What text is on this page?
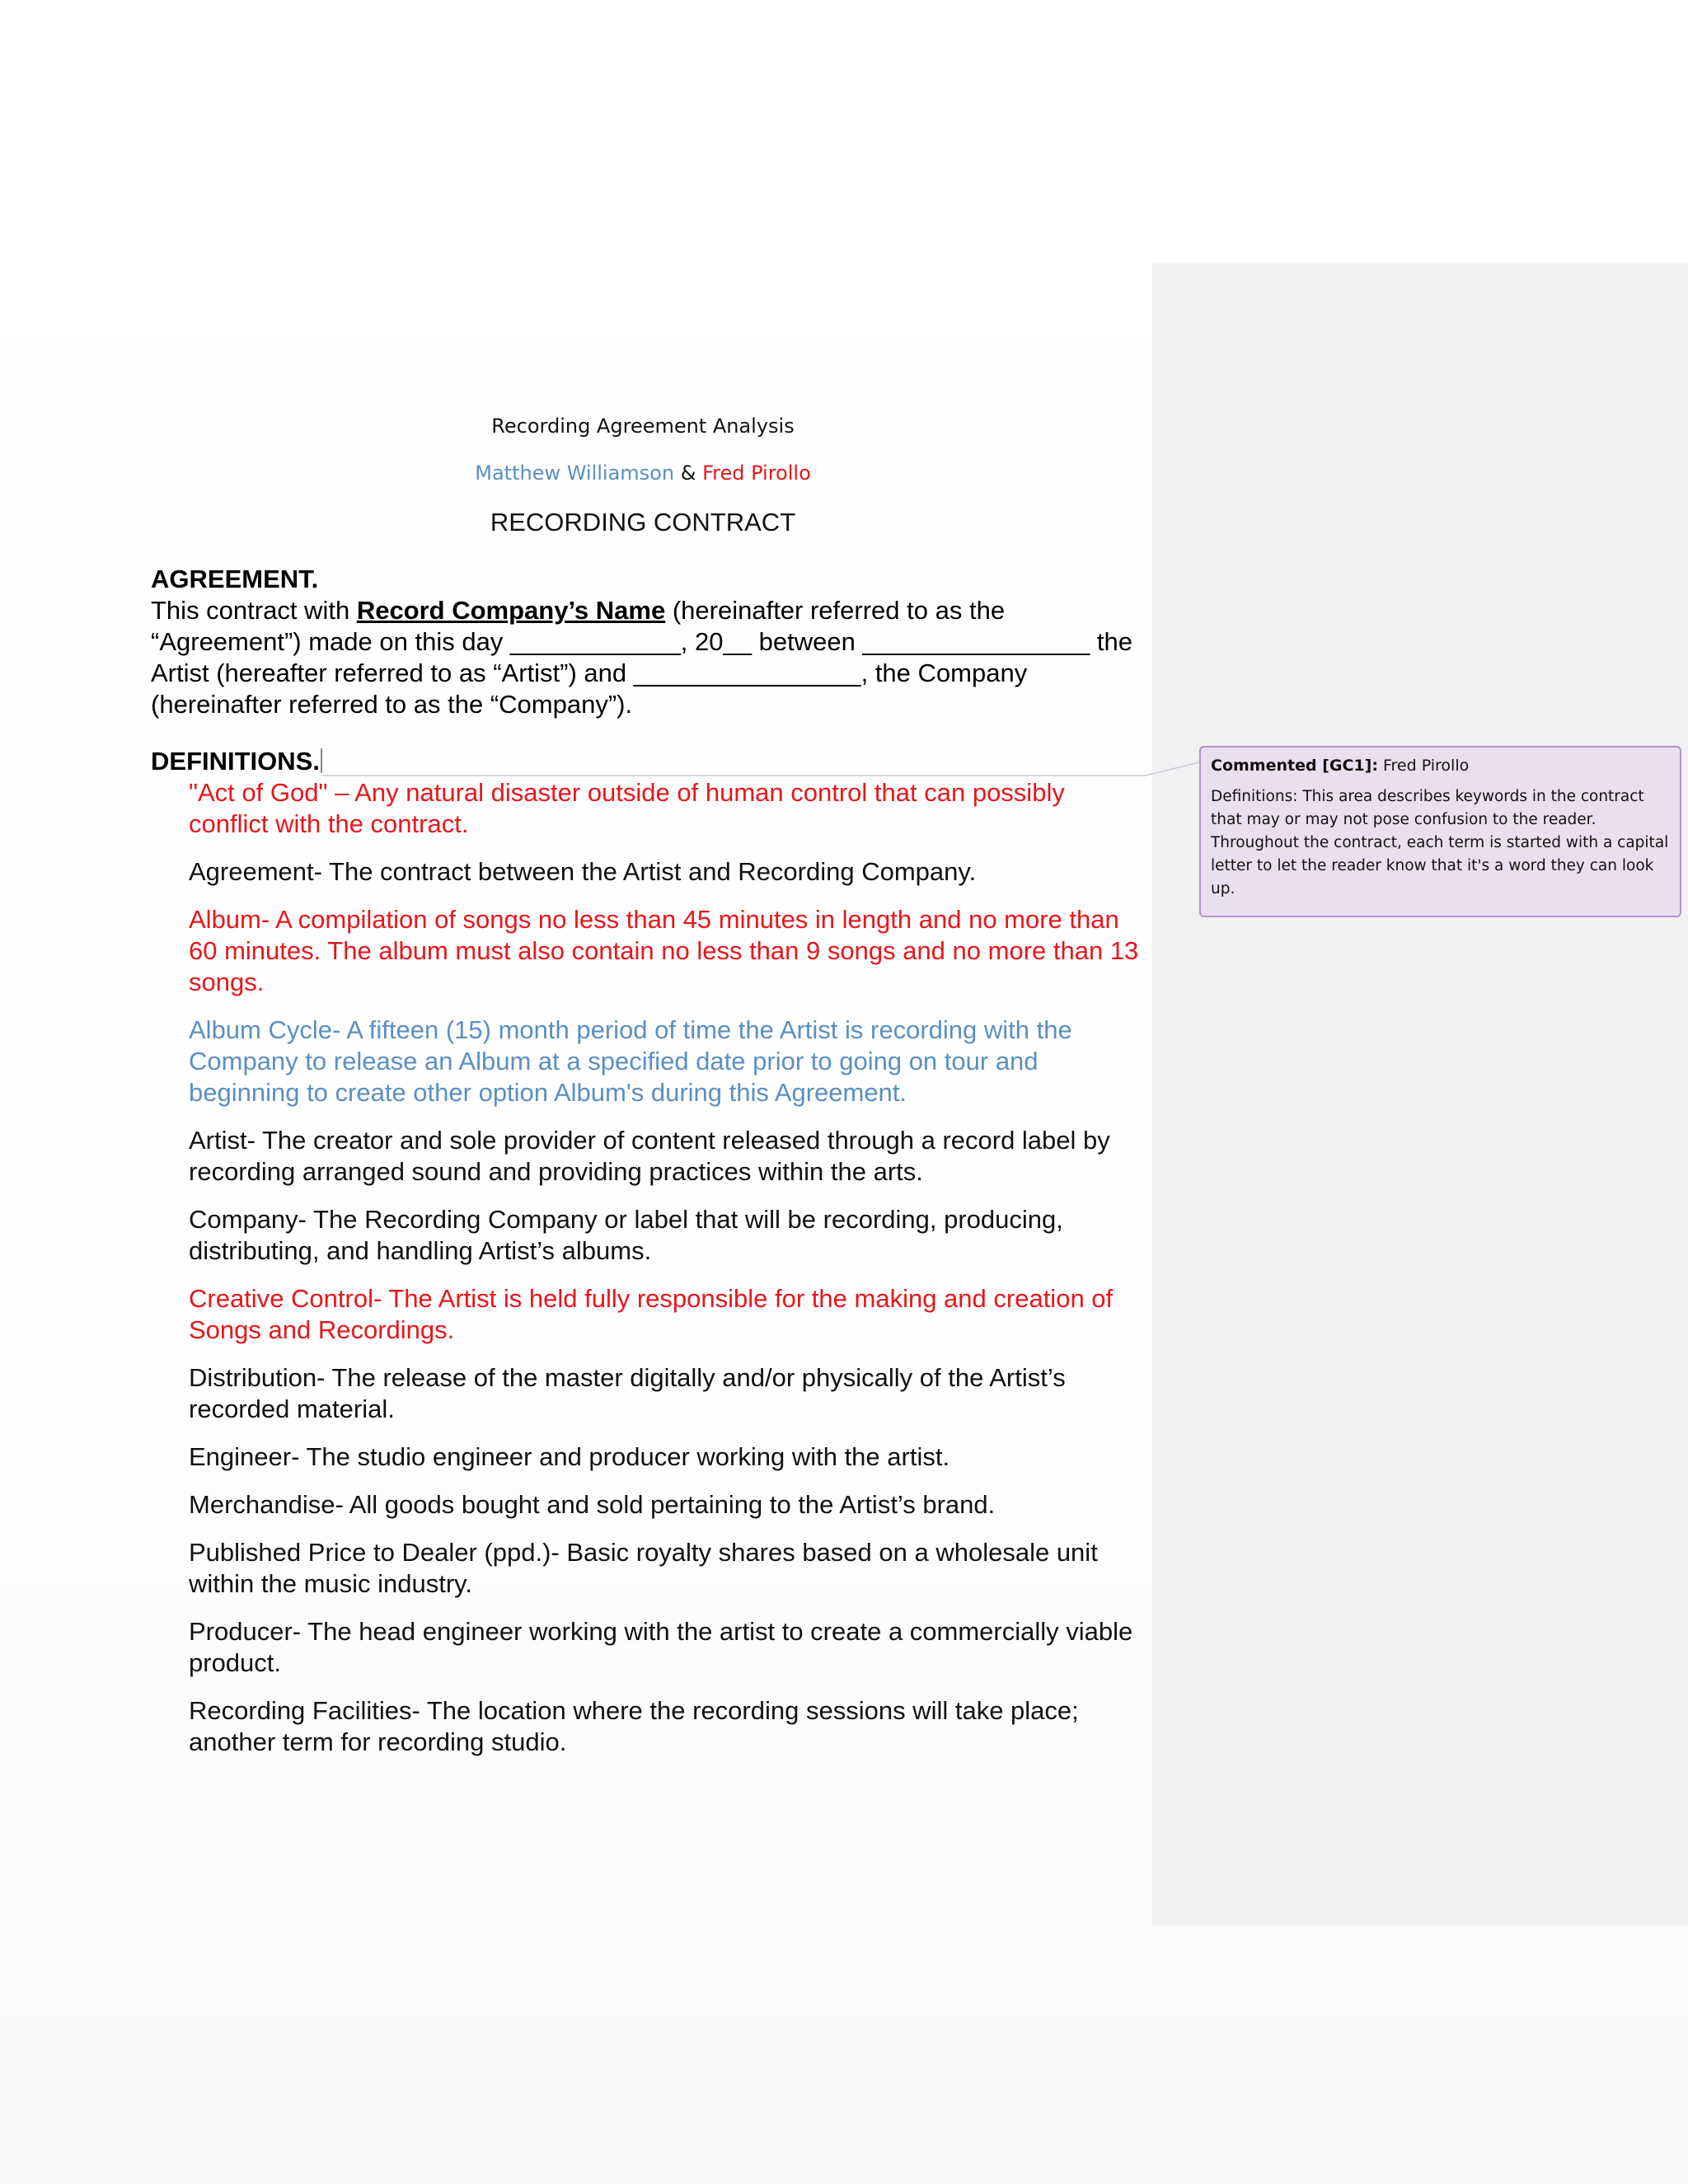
Recording Agreement Analysis
Matthew Williamson & Fred Pirollo
RECORDING CONTRACT
AGREEMENT.
This contract with Record Company’s Name (hereinafter referred to as the
“Agreement”) made on this day ____________, 20__ between ________________ the
Artist (hereafter referred to as “Artist”) and ________________, the Company
(hereinafter referred to as the “Company”).
DEFINITIONS.
"Act of God" – Any natural disaster outside of human control that can possibly conflict with the contract.
Agreement- The contract between the Artist and Recording Company.
Album- A compilation of songs no less than 45 minutes in length and no more than 60 minutes. The album must also contain no less than 9 songs and no more than 13 songs.
Album Cycle- A fifteen (15) month period of time the Artist is recording with the Company to release an Album at a specified date prior to going on tour and beginning to create other option Album's during this Agreement.
Artist- The creator and sole provider of content released through a record label by recording arranged sound and providing practices within the arts.
Company- The Recording Company or label that will be recording, producing, distributing, and handling Artist’s albums.
Creative Control- The Artist is held fully responsible for the making and creation of Songs and Recordings.
Distribution- The release of the master digitally and/or physically of the Artist’s recorded material.
Engineer- The studio engineer and producer working with the artist.
Merchandise- All goods bought and sold pertaining to the Artist’s brand.
Published Price to Dealer (ppd.)- Basic royalty shares based on a wholesale unit within the music industry.
Producer- The head engineer working with the artist to create a commercially viable product.
Recording Facilities- The location where the recording sessions will take place; another term for recording studio.
Commented [GC1]: Fred Pirollo
Definitions: This area describes keywords in the contract that may or may not pose confusion to the reader. Throughout the contract, each term is started with a capital letter to let the reader know that it's a word they can look up.
